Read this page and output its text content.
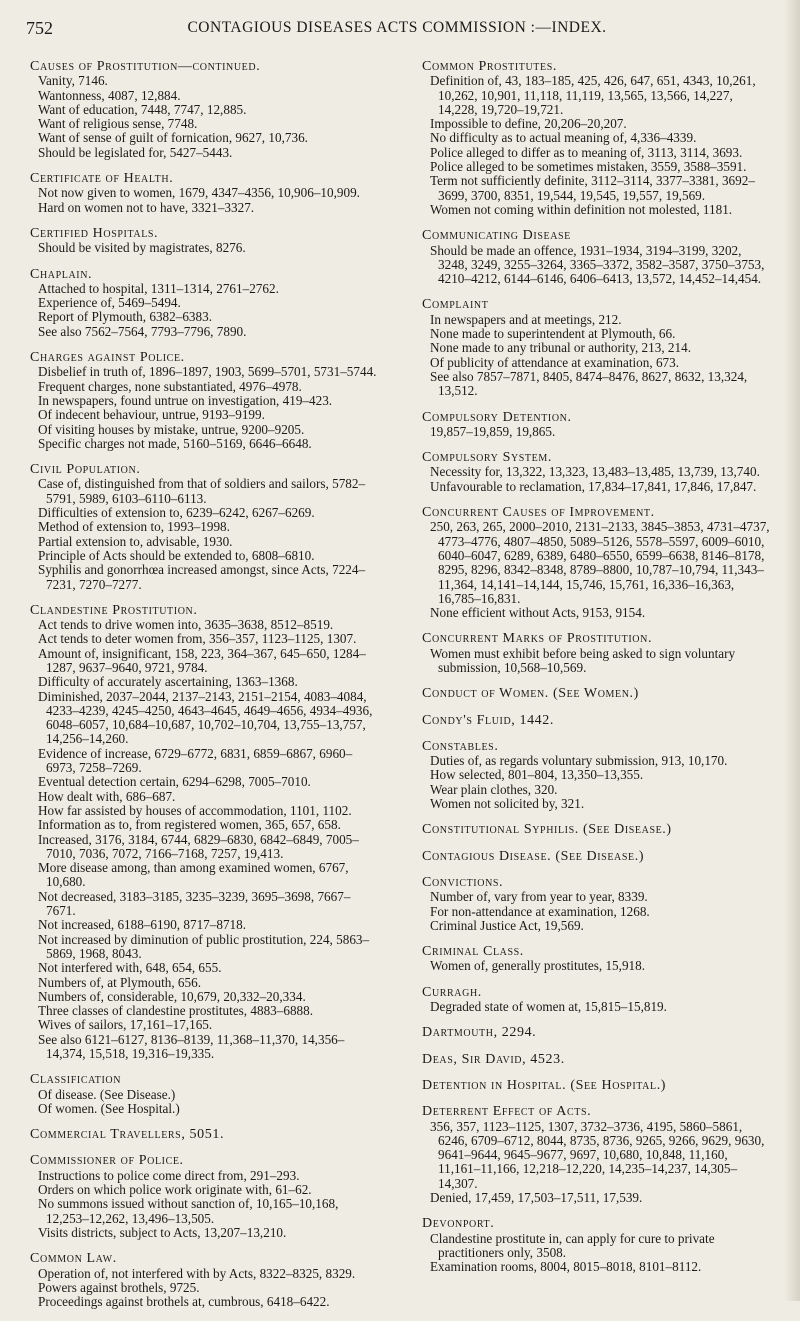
752	CONTAGIOUS DISEASES ACTS COMMISSION :—INDEX.
Causes of Prostitution—continued.
Vanity, 7146.
Wantonness, 4087, 12,884.
Want of education, 7448, 7747, 12,885.
Want of religious sense, 7748.
Want of sense of guilt of fornication, 9627, 10,736.
Should be legislated for, 5427–5443.
Certificate of Health.
Not now given to women, 1679, 4347–4356, 10,906–10,909.
Hard on women not to have, 3321–3327.
Certified Hospitals.
Should be visited by magistrates, 8276.
Chaplain.
Attached to hospital, 1311–1314, 2761–2762.
Experience of, 5469–5494.
Report of Plymouth, 6382–6383.
See also 7562–7564, 7793–7796, 7890.
Charges against Police.
Disbelief in truth of, 1896–1897, 1903, 5699–5701, 5731–5744.
Frequent charges, none substantiated, 4976–4978.
In newspapers, found untrue on investigation, 419–423.
Of indecent behaviour, untrue, 9193–9199.
Of visiting houses by mistake, untrue, 9200–9205.
Specific charges not made, 5160–5169, 6646–6648.
Civil Population.
Case of, distinguished from that of soldiers and sailors, 5782–5791, 5989, 6103–6110–6113.
Difficulties of extension to, 6239–6242, 6267–6269.
Method of extension to, 1993–1998.
Partial extension to, advisable, 1930.
Principle of Acts should be extended to, 6808–6810.
Syphilis and gonorrhœa increased amongst, since Acts, 7224–7231, 7270–7277.
Clandestine Prostitution.
Act tends to drive women into, 3635–3638, 8512–8519.
Act tends to deter women from, 356–357, 1123–1125, 1307.
Amount of, insignificant, 158, 223, 364–367, 645–650, 1284–1287, 9637–9640, 9721, 9784.
Difficulty of accurately ascertaining, 1363–1368.
Diminished, 2037–2044, 2137–2143, 2151–2154, 4083–4084, 4233–4239, 4245–4250, 4643–4645, 4649–4656, 4934–4936, 6048–6057, 10,684–10,687, 10,702–10,704, 13,755–13,757, 14,256–14,260.
Evidence of increase, 6729–6772, 6831, 6859–6867, 6960–6973, 7258–7269.
Eventual detection certain, 6294–6298, 7005–7010.
How dealt with, 686–687.
How far assisted by houses of accommodation, 1101, 1102.
Information as to, from registered women, 365, 657, 658.
Increased, 3176, 3184, 6744, 6829–6830, 6842–6849, 7005–7010, 7036, 7072, 7166–7168, 7257, 19,413.
More disease among, than among examined women, 6767, 10,680.
Not decreased, 3183–3185, 3235–3239, 3695–3698, 7667–7671.
Not increased, 6188–6190, 8717–8718.
Not increased by diminution of public prostitution, 224, 5863–5869, 1968, 8043.
Not interfered with, 648, 654, 655.
Numbers of, at Plymouth, 656.
Numbers of, considerable, 10,679, 20,332–20,334.
Three classes of clandestine prostitutes, 4883–6888.
Wives of sailors, 17,161–17,165.
See also 6121–6127, 8136–8139, 11,368–11,370, 14,356–14,374, 15,518, 19,316–19,335.
Classification
Of disease. (See Disease.)
Of women. (See Hospital.)
Commercial Travellers, 5051.
Commissioner of Police.
Instructions to police come direct from, 291–293.
Orders on which police work originate with, 61–62.
No summons issued without sanction of, 10,165–10,168, 12,253–12,262, 13,496–13,505.
Visits districts, subject to Acts, 13,207–13,210.
Common Law.
Operation of, not interfered with by Acts, 8322–8325, 8329.
Powers against brothels, 9725.
Proceedings against brothels at, cumbrous, 6418–6422.
Common Prostitutes.
Definition of, 43, 183–185, 425, 426, 647, 651, 4343, 10,261, 10,262, 10,901, 11,118, 11,119, 13,565, 13,566, 14,227, 14,228, 19,720–19,721.
Impossible to define, 20,206–20,207.
No difficulty as to actual meaning of, 4,336–4339.
Police alleged to differ as to meaning of, 3113, 3114, 3693.
Police alleged to be sometimes mistaken, 3559, 3588–3591.
Term not sufficiently definite, 3112–3114, 3377–3381, 3692–3699, 3700, 8351, 19,544, 19,545, 19,557, 19,569.
Women not coming within definition not molested, 1181.
Communicating Disease
Should be made an offence, 1931–1934, 3194–3199, 3202, 3248, 3249, 3255–3264, 3365–3372, 3582–3587, 3750–3753, 4210–4212, 6144–6146, 6406–6413, 13,572, 14,452–14,454.
Complaint
In newspapers and at meetings, 212.
None made to superintendent at Plymouth, 66.
None made to any tribunal or authority, 213, 214.
Of publicity of attendance at examination, 673.
See also 7857–7871, 8405, 8474–8476, 8627, 8632, 13,324, 13,512.
Compulsory Detention.
19,857–19,859, 19,865.
Compulsory System.
Necessity for, 13,322, 13,323, 13,483–13,485, 13,739, 13,740.
Unfavourable to reclamation, 17,834–17,841, 17,846, 17,847.
Concurrent Causes of Improvement.
250, 263, 265, 2000–2010, 2131–2133, 3845–3853, 4731–4737, 4773–4776, 4807–4850, 5089–5126, 5578–5597, 6009–6010, 6040–6047, 6289, 6389, 6480–6550, 6599–6638, 8146–8178, 8295, 8296, 8342–8348, 8789–8800, 10,787–10,794, 11,343–11,364, 14,141–14,144, 15,746, 15,761, 16,336–16,363, 16,785–16,831.
None efficient without Acts, 9153, 9154.
Concurrent Marks of Prostitution.
Women must exhibit before being asked to sign voluntary submission, 10,568–10,569.
Conduct of Women. (See Women.)
Condy's Fluid, 1442.
Constables.
Duties of, as regards voluntary submission, 913, 10,170.
How selected, 801–804, 13,350–13,355.
Wear plain clothes, 320.
Women not solicited by, 321.
Constitutional Syphilis. (See Disease.)
Contagious Disease. (See Disease.)
Convictions.
Number of, vary from year to year, 8339.
For non-attendance at examination, 1268.
Criminal Justice Act, 19,569.
Criminal Class.
Women of, generally prostitutes, 15,918.
Curragh.
Degraded state of women at, 15,815–15,819.
Dartmouth, 2294.
Deas, Sir David, 4523.
Detention in Hospital. (See Hospital.)
Deterrent Effect of Acts.
356, 357, 1123–1125, 1307, 3732–3736, 4195, 5860–5861, 6246, 6709–6712, 8044, 8735, 8736, 9265, 9266, 9629, 9630, 9641–9644, 9645–9677, 9697, 10,680, 10,848, 11,160, 11,161–11,166, 12,218–12,220, 14,235–14,237, 14,305–14,307.
Denied, 17,459, 17,503–17,511, 17,539.
Devonport.
Clandestine prostitute in, can apply for cure to private practitioners only, 3508.
Examination rooms, 8004, 8015–8018, 8101–8112.
